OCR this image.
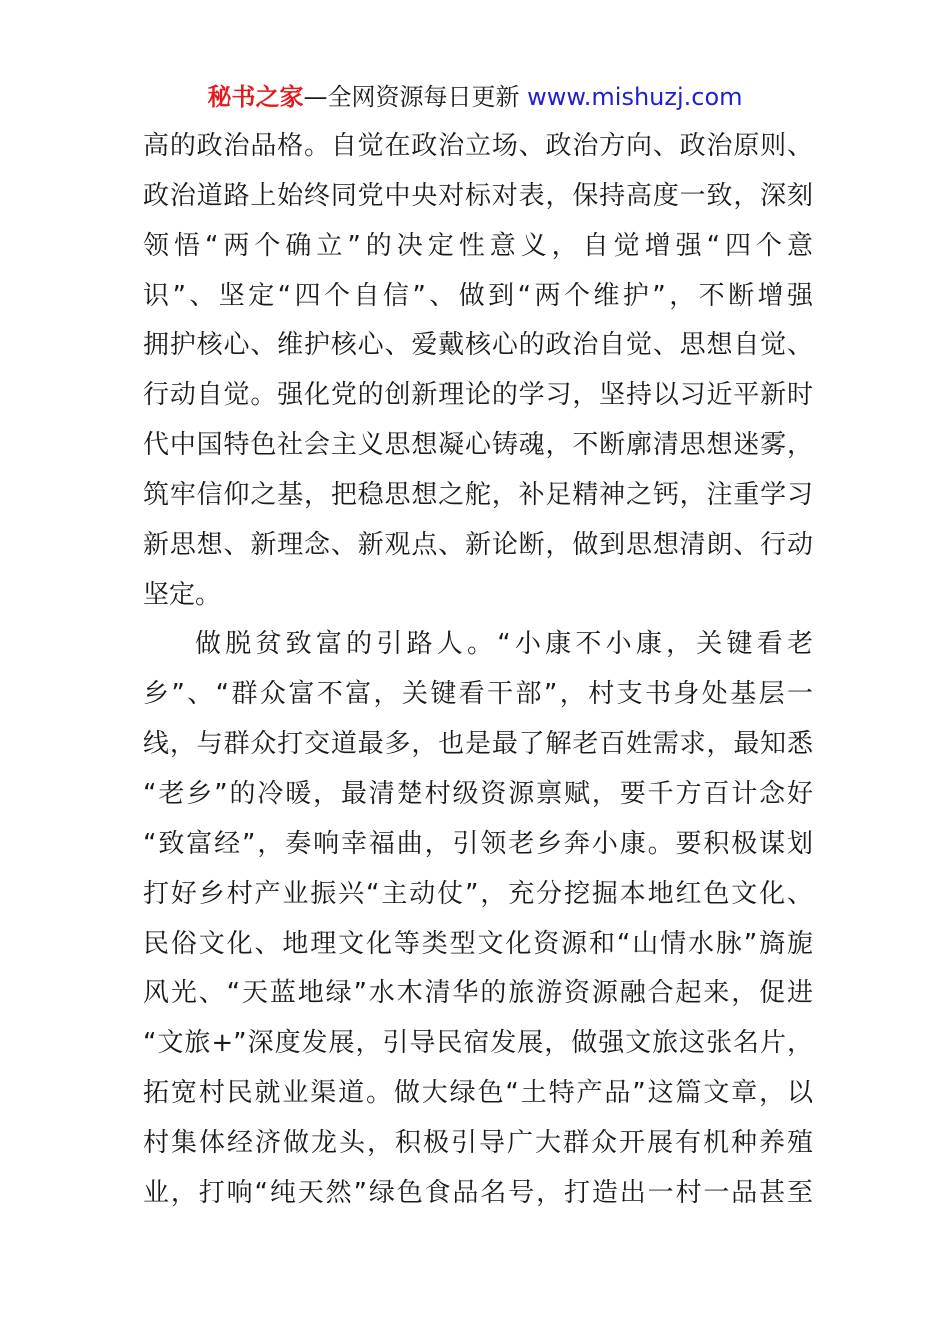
秘书之家—全网资源每日更新 www.mishuzj.com
高的政治品格。自觉在政治立场、政治方向、政治原则、
政治道路上始终同党中央对标对表，保持高度一致，深刻
领悟“两个确立”的决定性意义，自觉增强“四个意
识”、坚定“四个自信”、做到“两个维护”，不断增强
拥护核心、维护核心、爱戴核心的政治自觉、思想自觉、
行动自觉。强化党的创新理论的学习，坚持以习近平新时
代中国特色社会主义思想凝心铸魂，不断廓清思想迷雾，
筑牢信仰之基，把稳思想之舵，补足精神之钙，注重学习
新思想、新理念、新观点、新论断，做到思想清朗、行动
坚定。
做脱贫致富的引路人。“小康不小康，关键看老
乡”、“群众富不富，关键看干部”，村支书身处基层一
线，与群众打交道最多，也是最了解老百姓需求，最知悉
“老乡”的冷暖，最清楚村级资源禀赋，要千方百计念好
“致富经”，奏响幸福曲，引领老乡奔小康。要积极谋划
打好乡村产业振兴“主动仗”，充分挖掘本地红色文化、
民俗文化、地理文化等类型文化资源和“山情水脉”旖旎
风光、“天蓝地绿”水木清华的旅游资源融合起来，促进
“文旅+”深度发展，引导民宿发展，做强文旅这张名片，
拓宽村民就业渠道。做大绿色“土特产品”这篇文章，以
村集体经济做龙头，积极引导广大群众开展有机种养殖
业，打响“纯天然”绿色食品名号，打造出一村一品甚至
